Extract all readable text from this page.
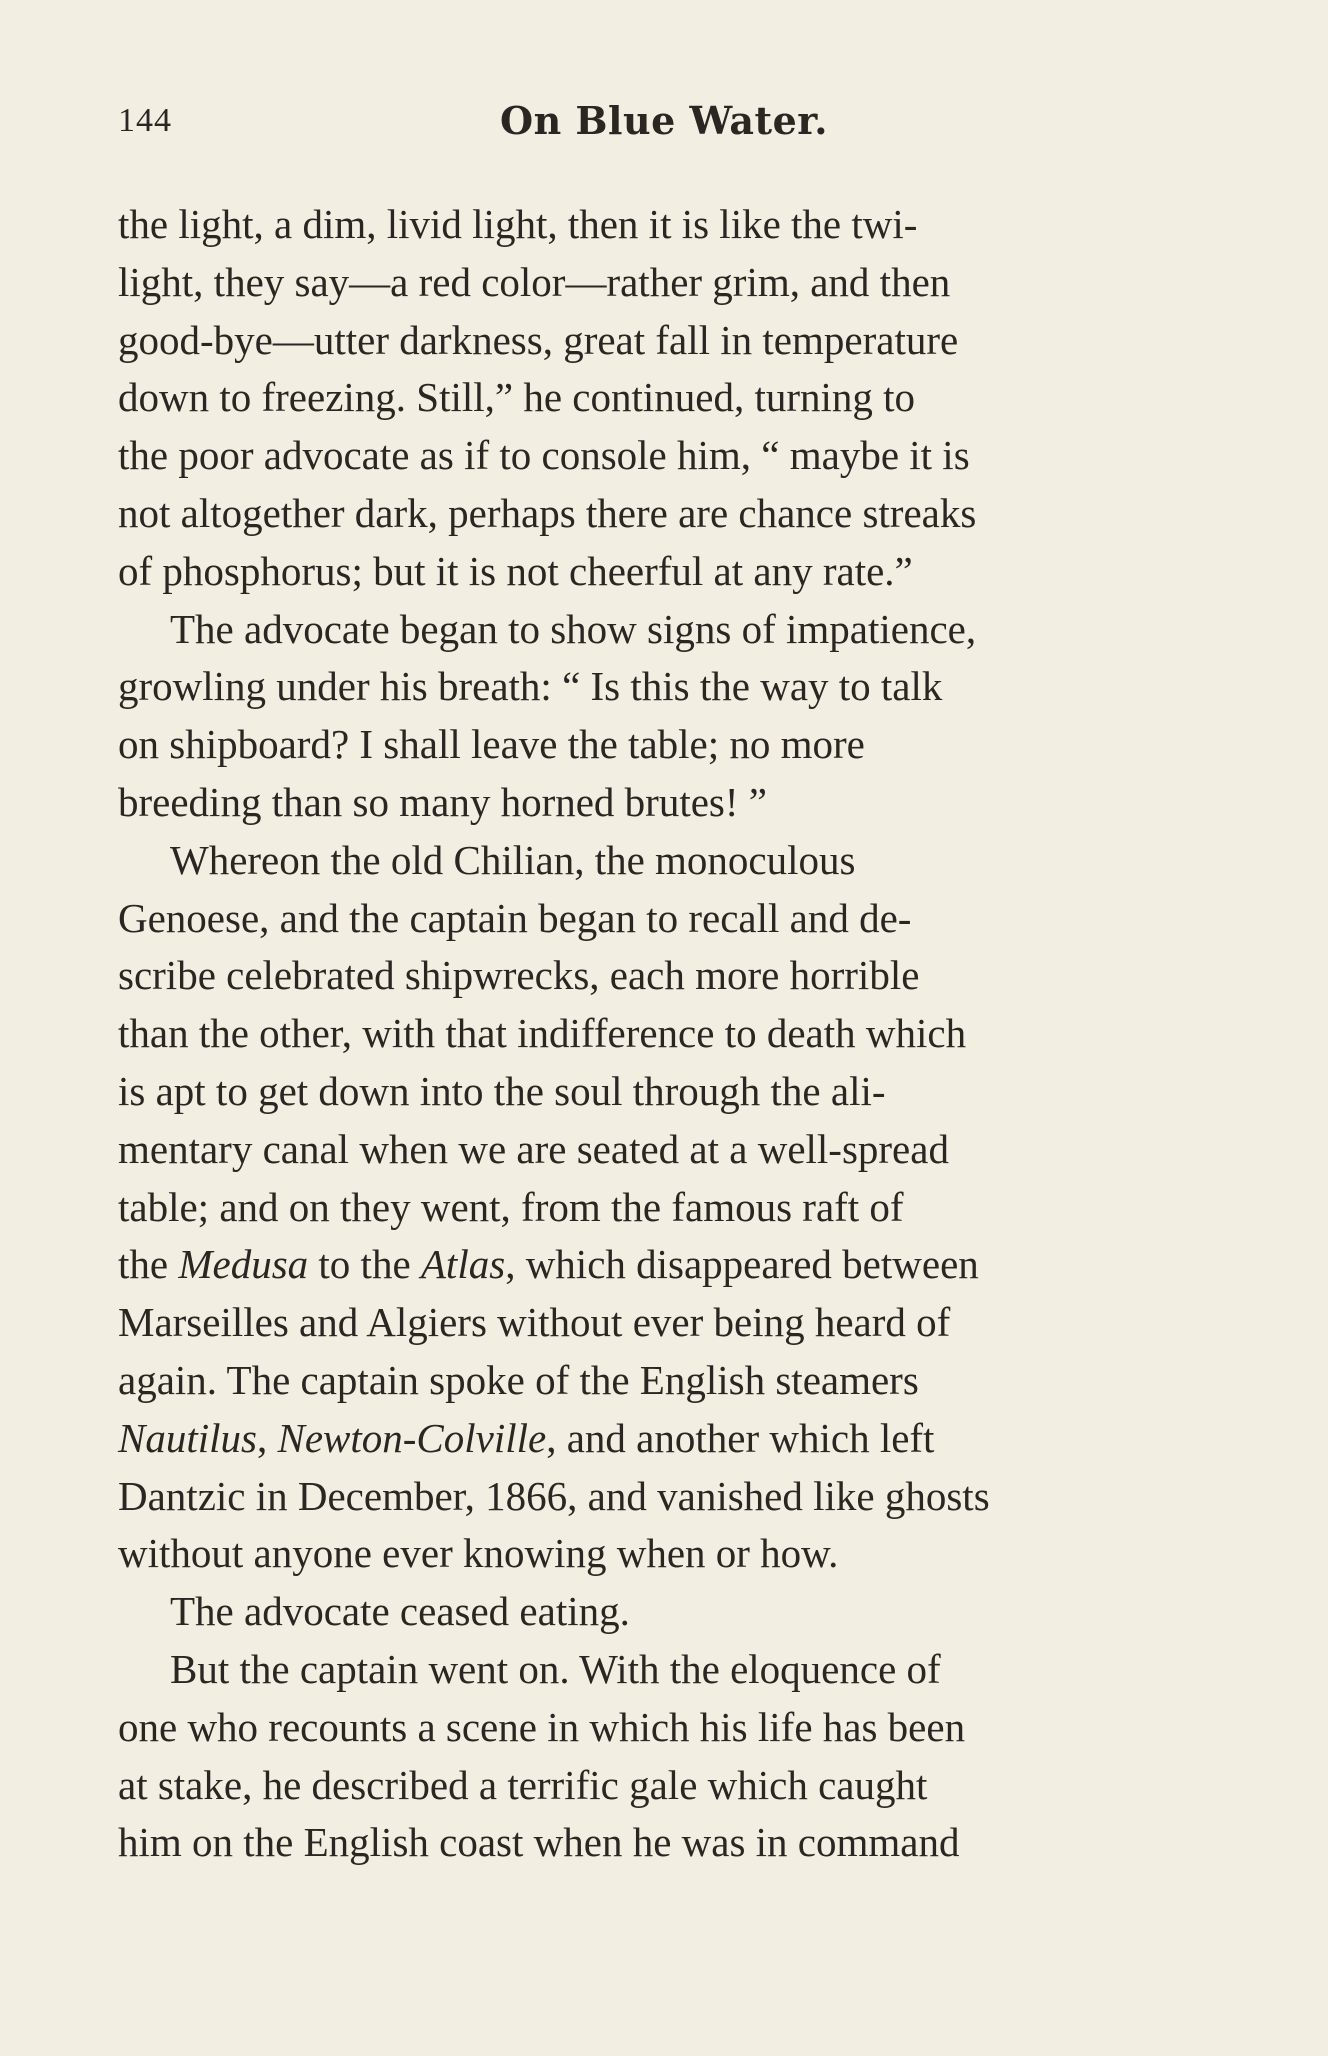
144	On Blue Water.
the light, a dim, livid light, then it is like the twi-
light, they say—a red color—rather grim, and then
good-bye—utter darkness, great fall in temperature
down to freezing. Still,” he continued, turning to
the poor advocate as if to console him, “ maybe it is
not altogether dark, perhaps there are chance streaks
of phosphorus; but it is not cheerful at any rate.”
The advocate began to show signs of impatience,
growling under his breath: “ Is this the way to talk
on shipboard? I shall leave the table; no more
breeding than so many horned brutes! ”
Whereon the old Chilian, the monoculous
Genoese, and the captain began to recall and de-
scribe celebrated shipwrecks, each more horrible
than the other, with that indifference to death which
is apt to get down into the soul through the ali-
mentary canal when we are seated at a well-spread
table; and on they went, from the famous raft of
the Medusa to the Atlas, which disappeared between
Marseilles and Algiers without ever being heard of
again. The captain spoke of the English steamers
Nautilus, Newton-Colville, and another which left
Dantzic in December, 1866, and vanished like ghosts
without anyone ever knowing when or how.
The advocate ceased eating.
But the captain went on. With the eloquence of
one who recounts a scene in which his life has been
at stake, he described a terrific gale which caught
him on the English coast when he was in command
